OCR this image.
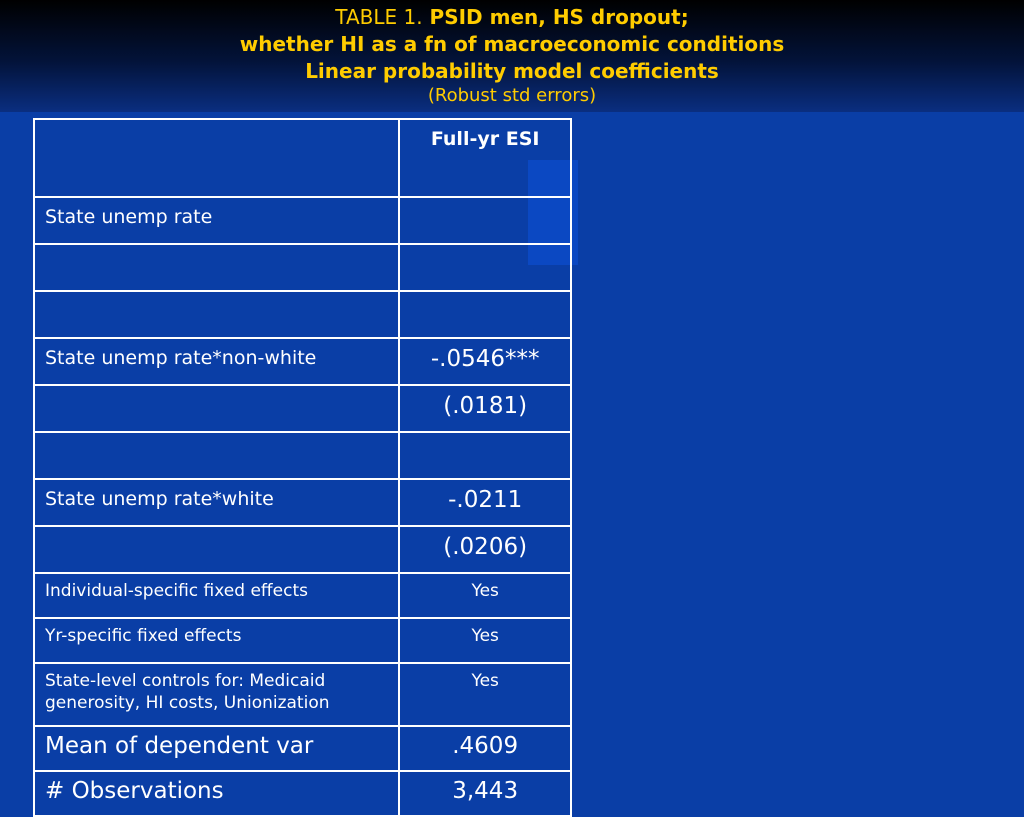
TABLE 1. PSID men, HS dropout;
whether HI as a fn of macroeconomic conditions
Linear probability model coefficients
(Robust std errors)
	Full-yr ESI
State unemp rate	

State unemp rate*non-white	-.0546***
	(.0181)

State unemp rate*white	-.0211
	(.0206)
Individual-specific fixed effects	Yes
Yr-specific fixed effects	Yes
State-level controls for: Medicaid generosity, HI costs, Unionization	Yes
Mean of dependent var	.4609
# Observations	3,443
